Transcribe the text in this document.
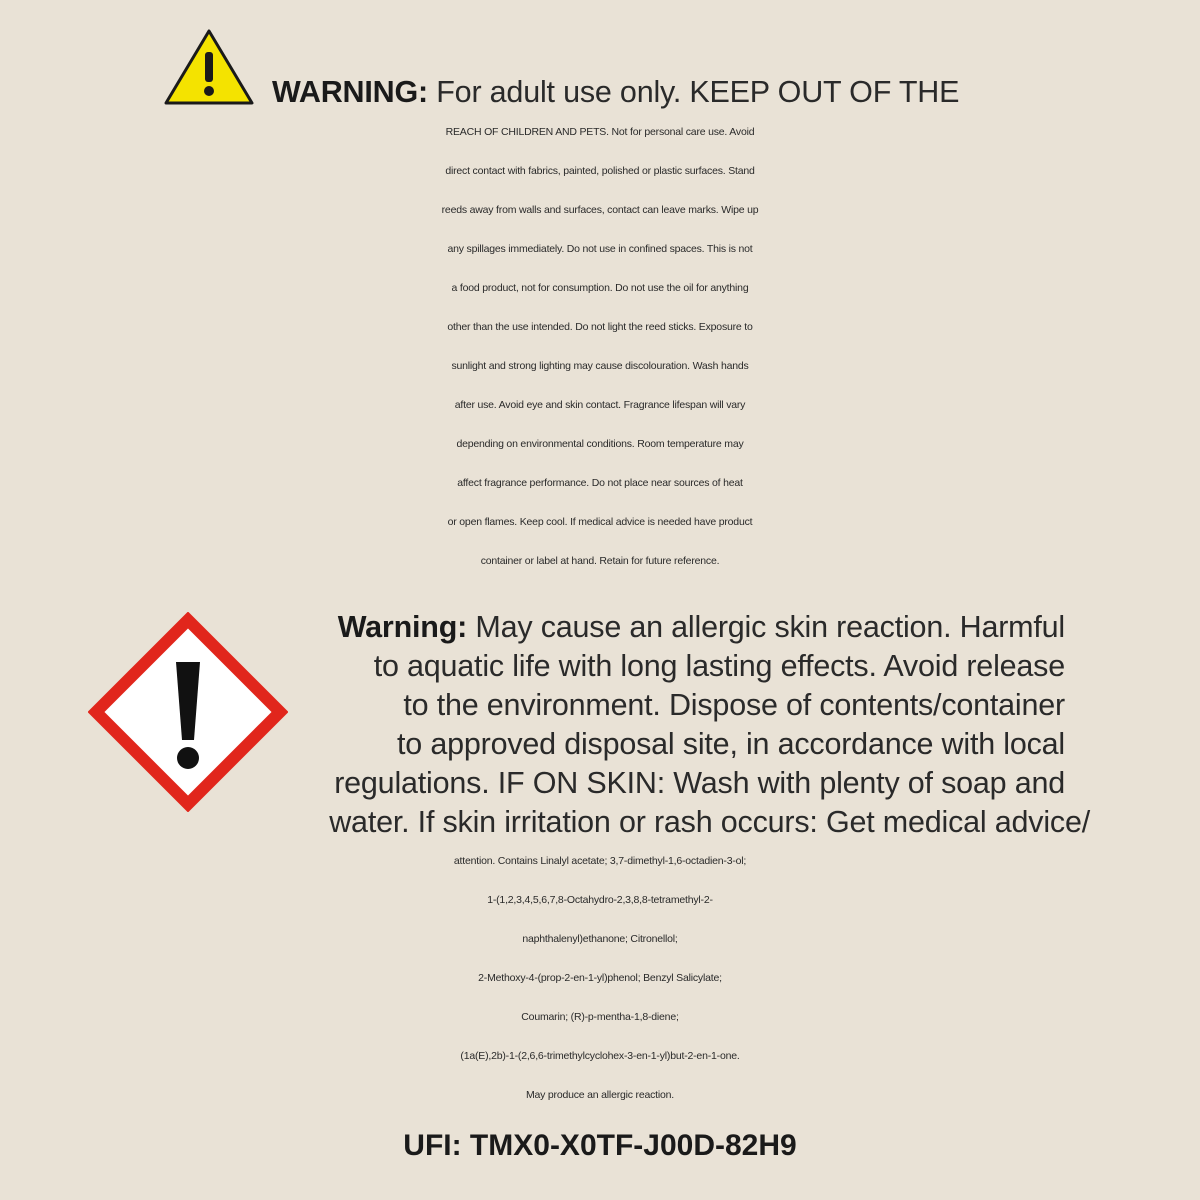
WARNING: For adult use only. KEEP OUT OF THE
REACH OF CHILDREN AND PETS. Not for personal care use. Avoid
direct contact with fabrics, painted, polished or plastic surfaces. Stand
reeds away from walls and surfaces, contact can leave marks. Wipe up
any spillages immediately. Do not use in confined spaces. This is not
a food product, not for consumption. Do not use the oil for anything
other than the use intended. Do not light the reed sticks. Exposure to
sunlight and strong lighting may cause discolouration. Wash hands
after use. Avoid eye and skin contact. Fragrance lifespan will vary
depending on environmental conditions. Room temperature may
affect fragrance performance. Do not place near sources of heat
or open flames. Keep cool. If medical advice is needed have product
container or label at hand. Retain for future reference.
Warning: May cause an allergic skin reaction. Harmful
to aquatic life with long lasting effects. Avoid release
to the environment. Dispose of contents/container
to approved disposal site, in accordance with local
regulations. IF ON SKIN: Wash with plenty of soap and
water. If skin irritation or rash occurs: Get medical advice/
attention. Contains Linalyl acetate; 3,7-dimethyl-1,6-octadien-3-ol;
1-(1,2,3,4,5,6,7,8-Octahydro-2,3,8,8-tetramethyl-2-
naphthalenyl)ethanone; Citronellol;
2-Methoxy-4-(prop-2-en-1-yl)phenol; Benzyl Salicylate;
Coumarin; (R)-p-mentha-1,8-diene;
(1a(E),2b)-1-(2,6,6-trimethylcyclohex-3-en-1-yl)but-2-en-1-one.
May produce an allergic reaction.
UFI: TMX0-X0TF-J00D-82H9
